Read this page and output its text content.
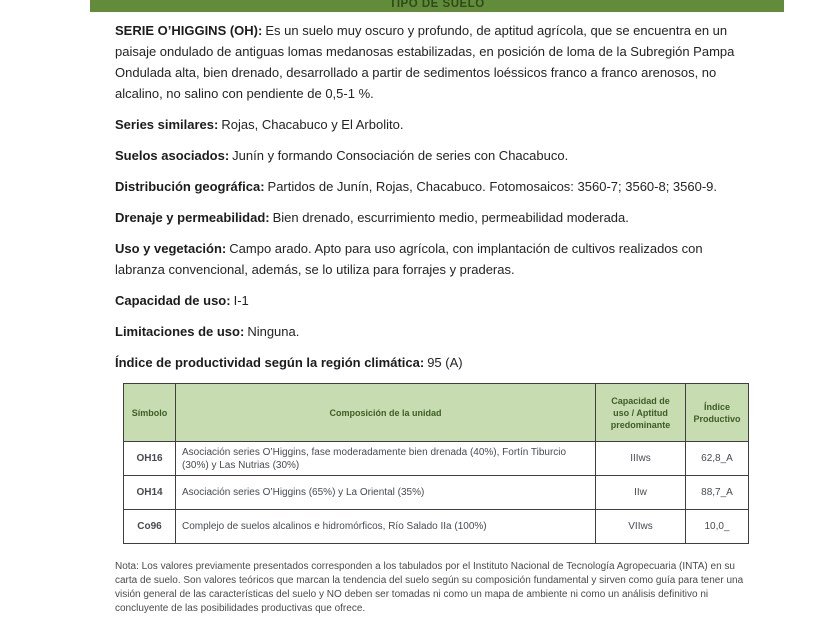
TIPO DE SUELO

SERIE O’HIGGINS (OH): Es un suelo muy oscuro y profundo, de aptitud agrícola, que se encuentra en un paisaje ondulado de antiguas lomas medanosas estabilizadas, en posición de loma de la Subregión Pampa Ondulada alta, bien drenado, desarrollado a partir de sedimentos loéssicos franco a franco arenosos, no alcalino, no salino con pendiente de 0,5-1 %.

Series similares: Rojas, Chacabuco y El Arbolito.

Suelos asociados: Junín y formando Consociación de series con Chacabuco.

Distribución geográfica: Partidos de Junín, Rojas, Chacabuco. Fotomosaicos: 3560-7; 3560-8; 3560-9.

Drenaje y permeabilidad: Bien drenado, escurrimiento medio, permeabilidad moderada.

Uso y vegetación: Campo arado. Apto para uso agrícola, con implantación de cultivos realizados con labranza convencional, además, se lo utiliza para forrajes y praderas.

Capacidad de uso: I-1

Limitaciones de uso: Ninguna.

Índice de productividad según la región climática: 95 (A)

Símbolo	Composición de la unidad	Capacidad de uso / Aptitud predominante	Índice Productivo
OH16	Asociación series O’Higgins, fase moderadamente bien drenada (40%), Fortín Tiburcio (30%) y Las Nutrias (30%)	IIIws	62,8_A
OH14	Asociación series O’Higgins (65%) y La Oriental (35%)	IIw	88,7_A
Co96	Complejo de suelos alcalinos e hidromórficos, Río Salado IIa (100%)	VIIws	10,0_

Nota: Los valores previamente presentados corresponden a los tabulados por el Instituto Nacional de Tecnología Agropecuaria (INTA) en su carta de suelo. Son valores teóricos que marcan la tendencia del suelo según su composición fundamental y sirven como guía para tener una visión general de las características del suelo y NO deben ser tomadas ni como un mapa de ambiente ni como un análisis definitivo ni concluyente de las posibilidades productivas que ofrece.
